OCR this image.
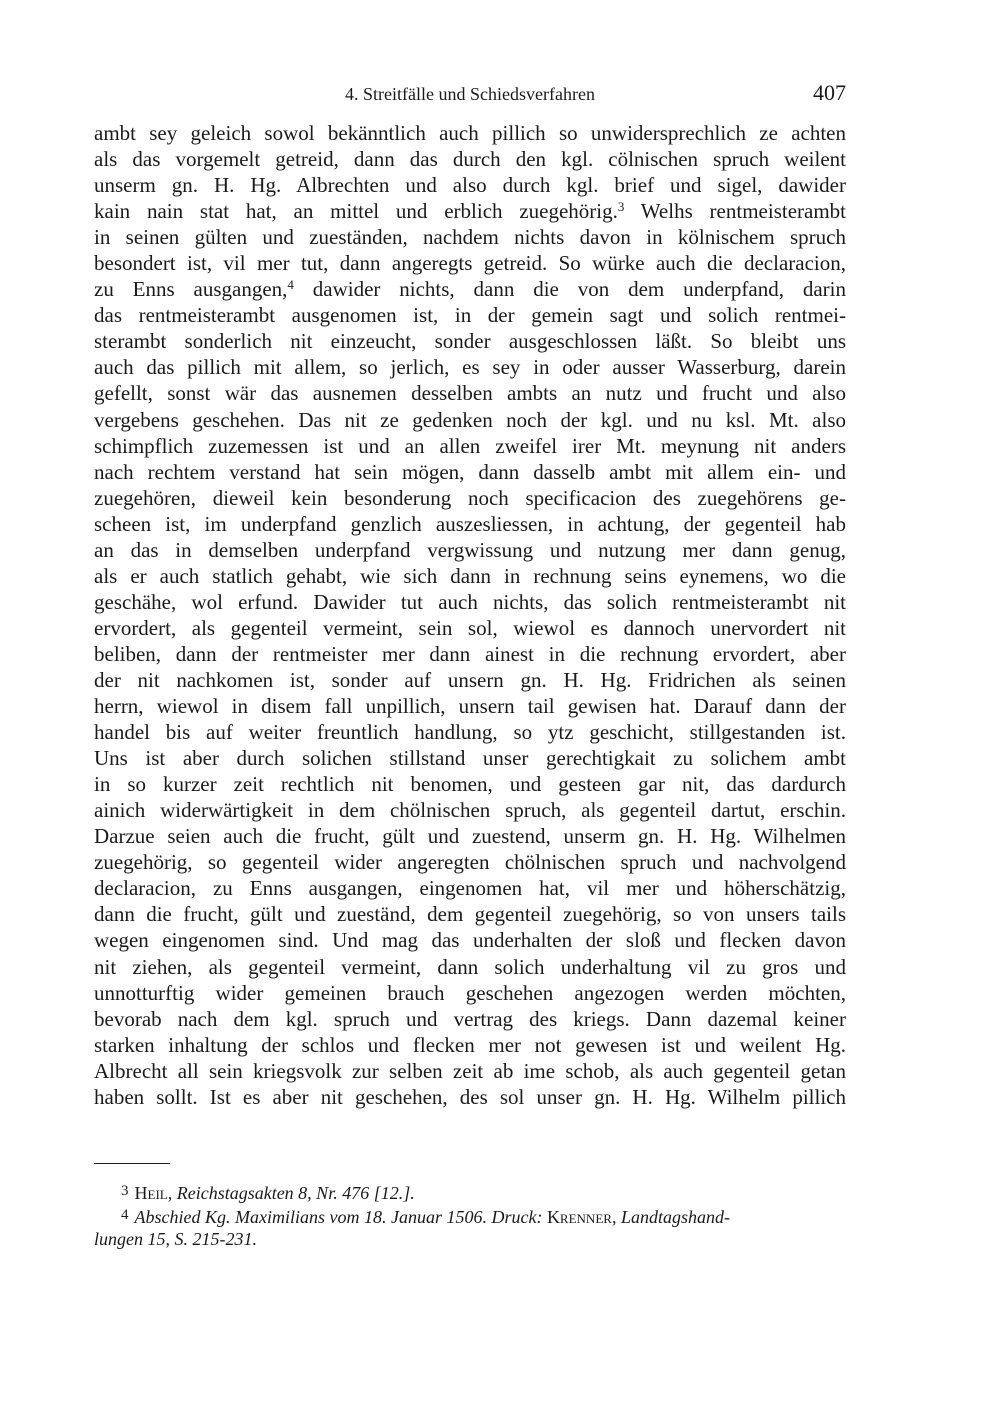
4. Streitfälle und Schiedsverfahren	407
ambt sey geleich sowol bekänntlich auch pillich so unwidersprechlich ze achten
als das vorgemelt getreid, dann das durch den kgl. cölnischen spruch weilent
unserm gn. H. Hg. Albrechten und also durch kgl. brief und sigel, dawider
kain nain stat hat, an mittel und erblich zuegehörig.$^3$ Welhs rentmeisterambt
in seinen gülten und zueständen, nachdem nichts davon in kölnischem spruch
besondert ist, vil mer tut, dann angeregts getreid. So würke auch die declaracion,
zu Enns ausgangen,$^4$ dawider nichts, dann die von dem underpfand, darin
das rentmeisterambt ausgenomen ist, in der gemein sagt und solich rentmei-
sterambt sonderlich nit einzeucht, sonder ausgeschlossen läßt. So bleibt uns
auch das pillich mit allem, so jerlich, es sey in oder ausser Wasserburg, darein
gefellt, sonst wär das ausnemen desselben ambts an nutz und frucht und also
vergebens geschehen. Das nit ze gedenken noch der kgl. und nu ksl. Mt. also
schimpflich zuzemessen ist und an allen zweifel irer Mt. meynung nit anders
nach rechtem verstand hat sein mögen, dann dasselb ambt mit allem ein- und
zuegehören, dieweil kein besonderung noch specificacion des zuegehörens ge-
scheen ist, im underpfand genzlich auszesliessen, in achtung, der gegenteil hab
an das in demselben underpfand vergwissung und nutzung mer dann genug,
als er auch statlich gehabt, wie sich dann in rechnung seins eynemens, wo die
geschähe, wol erfund. Dawider tut auch nichts, das solich rentmeisterambt nit
ervordert, als gegenteil vermeint, sein sol, wiewol es dannoch unervordert nit
beliben, dann der rentmeister mer dann ainest in die rechnung ervordert, aber
der nit nachkomen ist, sonder auf unsern gn. H. Hg. Fridrichen als seinen
herrn, wiewol in disem fall unpillich, unsern tail gewisen hat. Darauf dann der
handel bis auf weiter freuntlich handlung, so ytz geschicht, stillgestanden ist.
Uns ist aber durch solichen stillstand unser gerechtigkait zu solichem ambt
in so kurzer zeit rechtlich nit benomen, und gesteen gar nit, das dardurch
ainich widerwärtigkeit in dem chölnischen spruch, als gegenteil dartut, erschin.
Darzue seien auch die frucht, gült und zuestend, unserm gn. H. Hg. Wilhelmen
zuegehörig, so gegenteil wider angeregten chölnischen spruch und nachvolgend
declaracion, zu Enns ausgangen, eingenomen hat, vil mer und höherschätzig,
dann die frucht, gült und zueständ, dem gegenteil zuegehörig, so von unsers tails
wegen eingenomen sind. Und mag das underhalten der sloß und flecken davon
nit ziehen, als gegenteil vermeint, dann solich underhaltung vil zu gros und
unnotturftig wider gemeinen brauch geschehen angezogen werden möchten,
bevorab nach dem kgl. spruch und vertrag des kriegs. Dann dazemal keiner
starken inhaltung der schlos und flecken mer not gewesen ist und weilent Hg.
Albrecht all sein kriegsvolk zur selben zeit ab ime schob, als auch gegenteil getan
haben sollt. Ist es aber nit geschehen, des sol unser gn. H. Hg. Wilhelm pillich
$^3$ Heil, Reichstagsakten 8, Nr. 476 [12.].
$^4$ Abschied Kg. Maximilians vom 18. Januar 1506. Druck: Krenner, Landtagshand-
lungen 15, S. 215-231.
